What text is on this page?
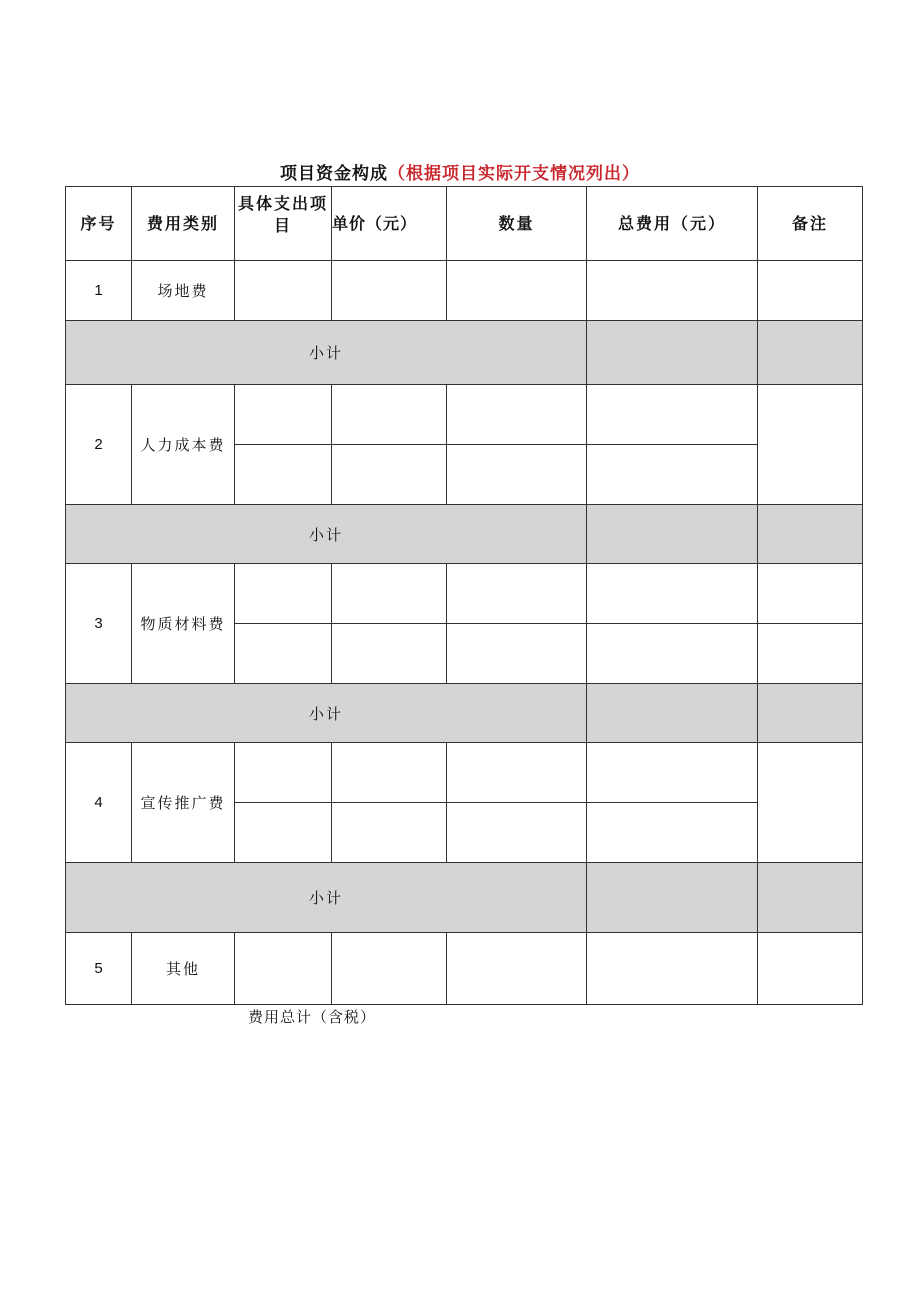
项目资金构成（根据项目实际开支情况列出）
序号	费用类别	具体支出项目	单价（元）	数量	总费用（元）	备注
1	场地费					
小计						
2	人力成本费					

小计						
3	物质材料费					

小计						
4	宣传推广费					

小计						
5	其他					
费用总计（含税）
